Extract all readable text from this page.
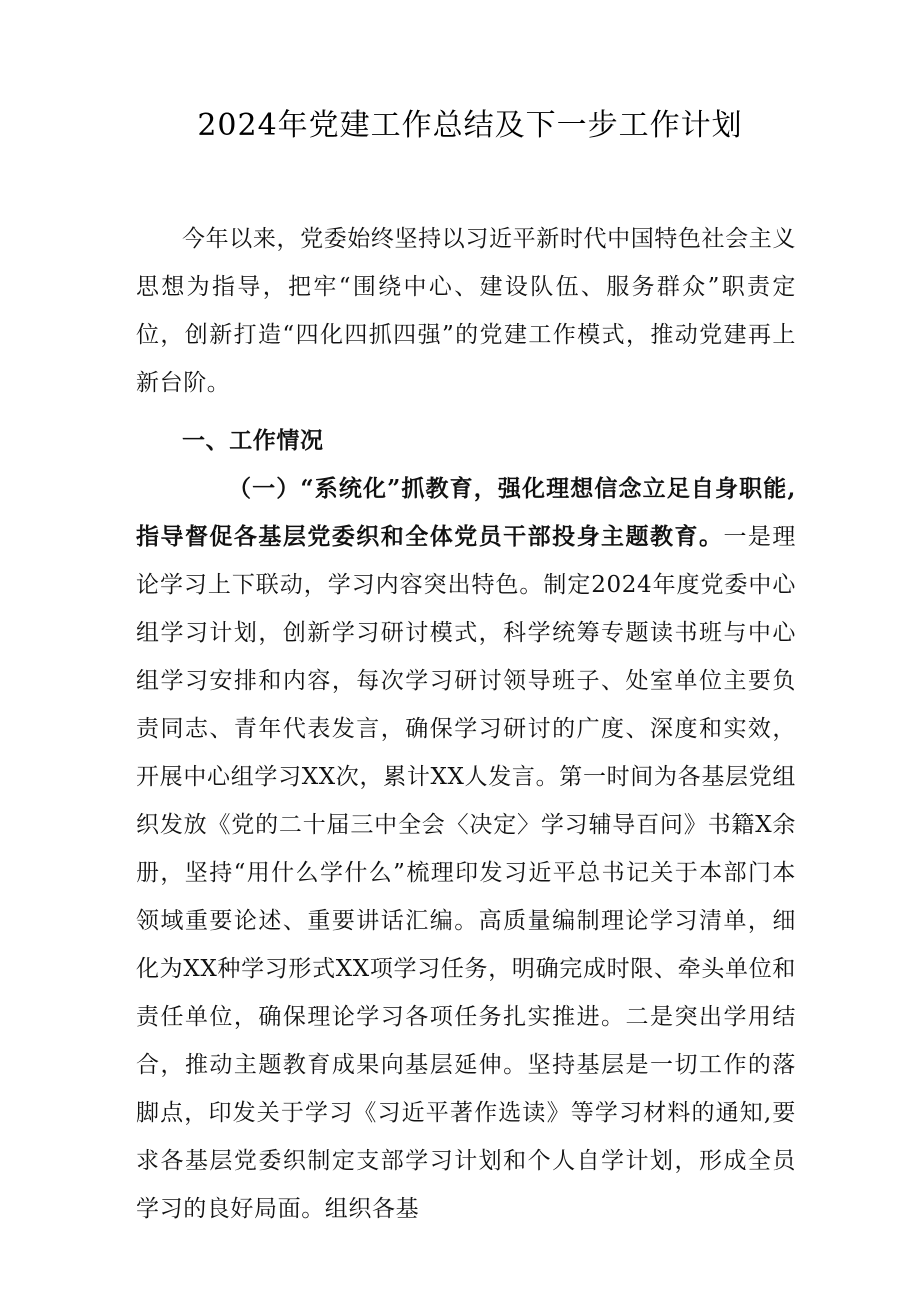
2024年党建工作总结及下一步工作计划

今年以来，党委始终坚持以习近平新时代中国特色社会主义思想为指导，把牢“围绕中心、建设队伍、服务群众”职责定位，创新打造“四化四抓四强”的党建工作模式，推动党建再上新台阶。

一、工作情况

（一）“系统化”抓教育，强化理想信念立足自身职能,指导督促各基层党委织和全体党员干部投身主题教育。一是理论学习上下联动，学习内容突出特色。制定2024年度党委中心组学习计划，创新学习研讨模式，科学统筹专题读书班与中心组学习安排和内容，每次学习研讨领导班子、处室单位主要负责同志、青年代表发言，确保学习研讨的广度、深度和实效，开展中心组学习XX次，累计XX人发言。第一时间为各基层党组织发放《党的二十届三中全会〈决定〉学习辅导百问》书籍X余册，坚持“用什么学什么”梳理印发习近平总书记关于本部门本领域重要论述、重要讲话汇编。高质量编制理论学习清单，细化为XX种学习形式XX项学习任务，明确完成时限、牵头单位和责任单位，确保理论学习各项任务扎实推进。二是突出学用结合，推动主题教育成果向基层延伸。坚持基层是一切工作的落脚点，印发关于学习《习近平著作选读》等学习材料的通知,要求各基层党委织制定支部学习计划和个人自学计划，形成全员学习的良好局面。组织各基
